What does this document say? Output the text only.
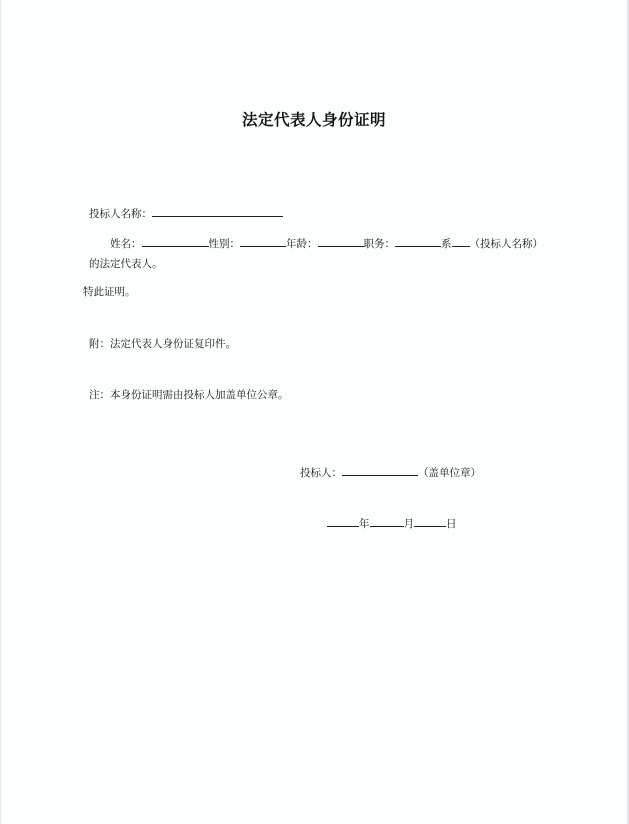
法定代表人身份证明
投标人名称：
姓名：	性别：	年龄：	职务：	系 （投标人名称）
的法定代表人。
特此证明。
附：法定代表人身份证复印件。
注：本身份证明需由投标人加盖单位公章。
投标人：	（盖单位章）
年	月	日
